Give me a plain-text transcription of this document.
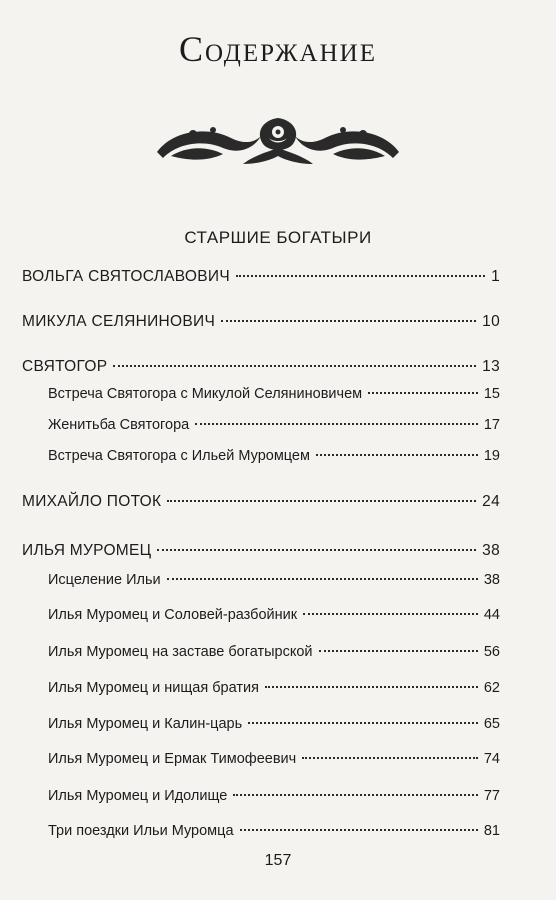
Содержание
СТАРШИЕ БОГАТЫРИ
ВОЛЬГА СВЯТОСЛАВОВИЧ	1
МИКУЛА СЕЛЯНИНОВИЧ	10
СВЯТОГОР	13
Встреча Святогора с Микулой Селяниновичем	15
Женитьба Святогора	17
Встреча Святогора с Ильей Муромцем	19
МИХАЙЛО ПОТОК	24
ИЛЬЯ МУРОМЕЦ	38
Исцеление Ильи	38
Илья Муромец и Соловей-разбойник	44
Илья Муромец на заставе богатырской	56
Илья Муромец и нищая братия	62
Илья Муромец и Калин-царь	65
Илья Муромец и Ермак Тимофеевич	74
Илья Муромец и Идолище	77
Три поездки Ильи Муромца	81
157
